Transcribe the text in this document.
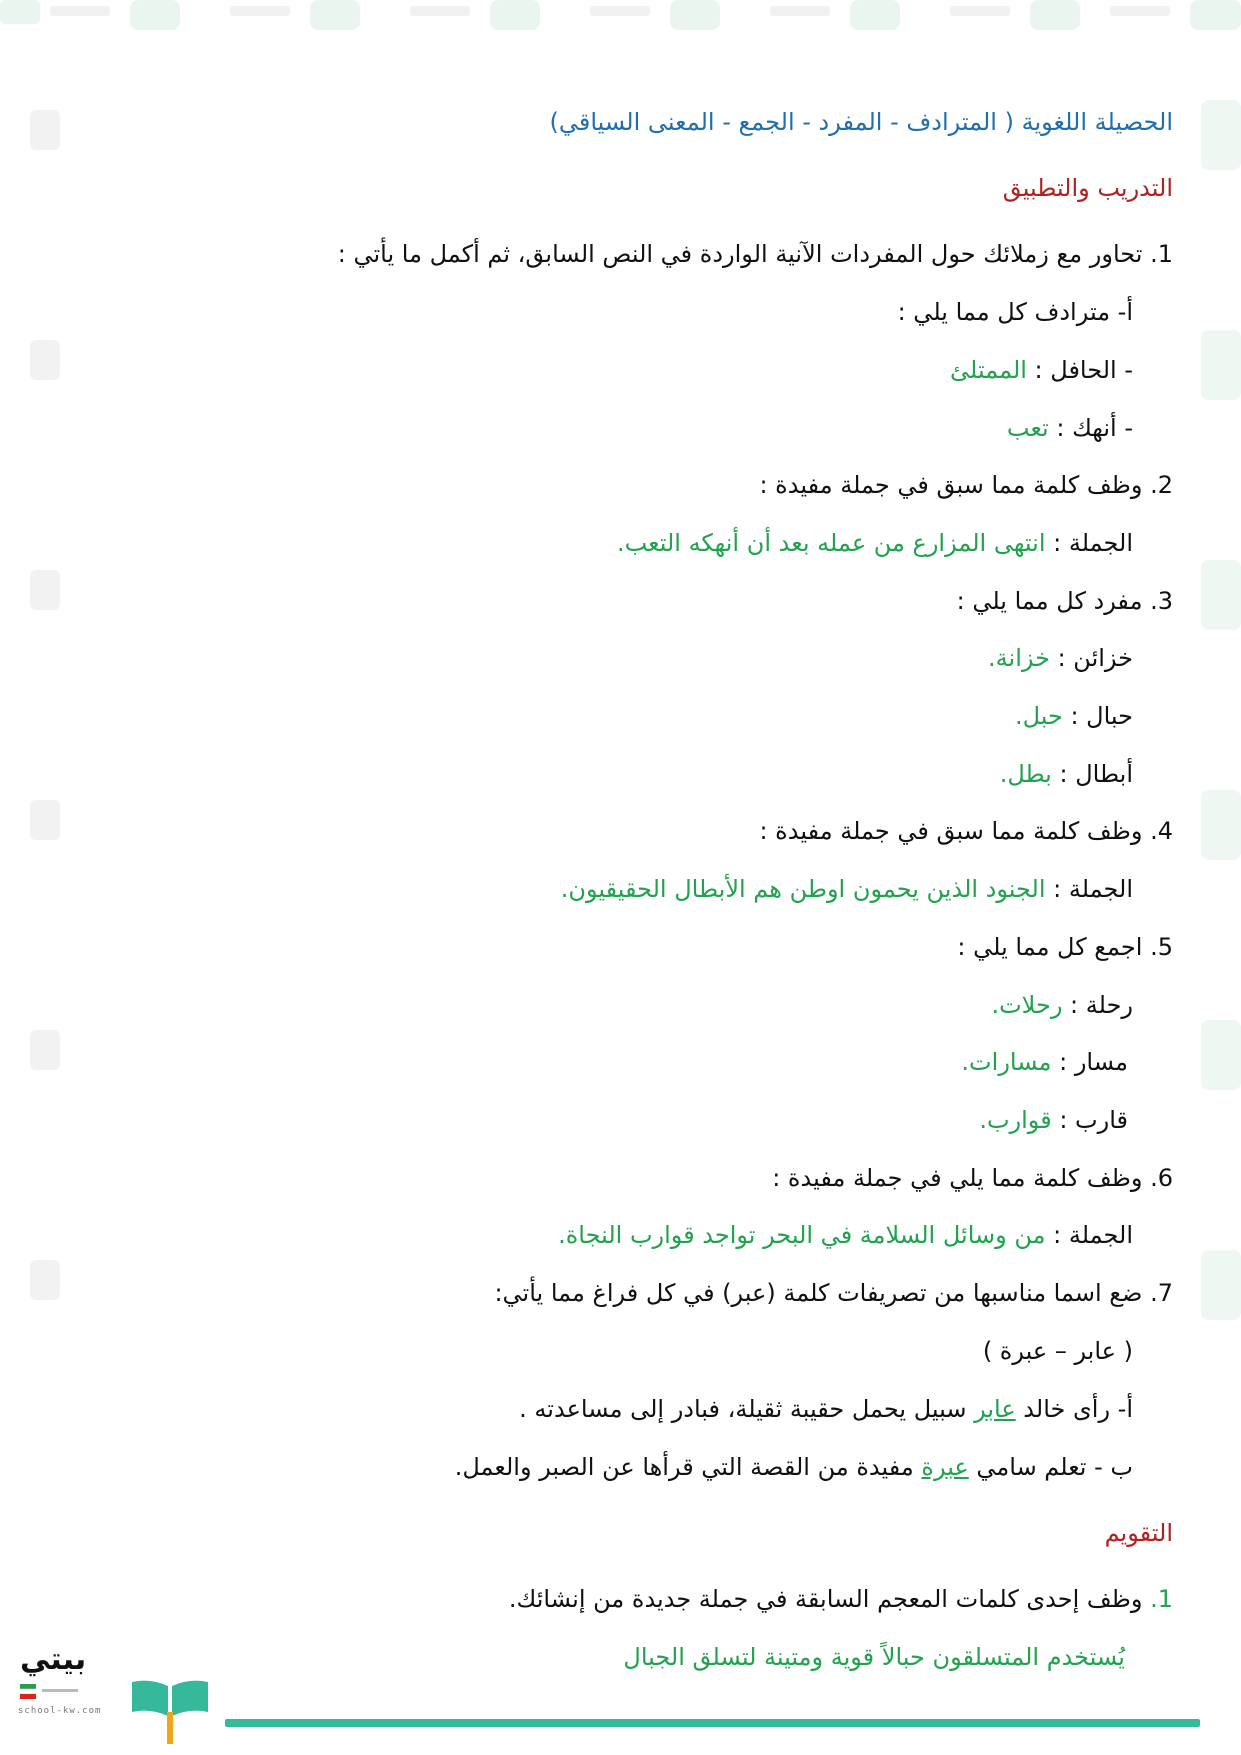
الحصيلة اللغوية ( المترادف - المفرد - الجمع - المعنى السياقي)
التدريب والتطبيق
1. تحاور مع زملائك حول المفردات الآنية الواردة في النص السابق، ثم أكمل ما يأتي :
أ- مترادف كل مما يلي :
- الحافل : الممتلئ
- أنهك : تعب
2. وظف كلمة مما سبق في جملة مفيدة :
الجملة : انتهى المزارع من عمله بعد أن أنهكه التعب.
3. مفرد كل مما يلي :
خزائن : خزانة.
حبال : حبل.
أبطال : بطل.
4. وظف كلمة مما سبق في جملة مفيدة :
الجملة : الجنود الذين يحمون اوطن هم الأبطال الحقيقيون.
5. اجمع كل مما يلي :
رحلة : رحلات.
مسار : مسارات.
قارب : قوارب.
6. وظف كلمة مما يلي في جملة مفيدة :
الجملة : من وسائل السلامة في البحر تواجد قوارب النجاة.
7. ضع اسما مناسبها من تصريفات كلمة (عبر) في كل فراغ مما يأتي:
( عابر – عبرة )
أ- رأى خالد عابر سبيل يحمل حقيبة ثقيلة، فبادر إلى مساعدته .
ب - تعلم سامي عبرة مفيدة من القصة التي قرأها عن الصبر والعمل.
التقويم
1. وظف إحدى كلمات المعجم السابقة في جملة جديدة من إنشائك.
يُستخدم المتسلقون حبالاً قوية ومتينة لتسلق الجبال
بيتي
school-kw.com
